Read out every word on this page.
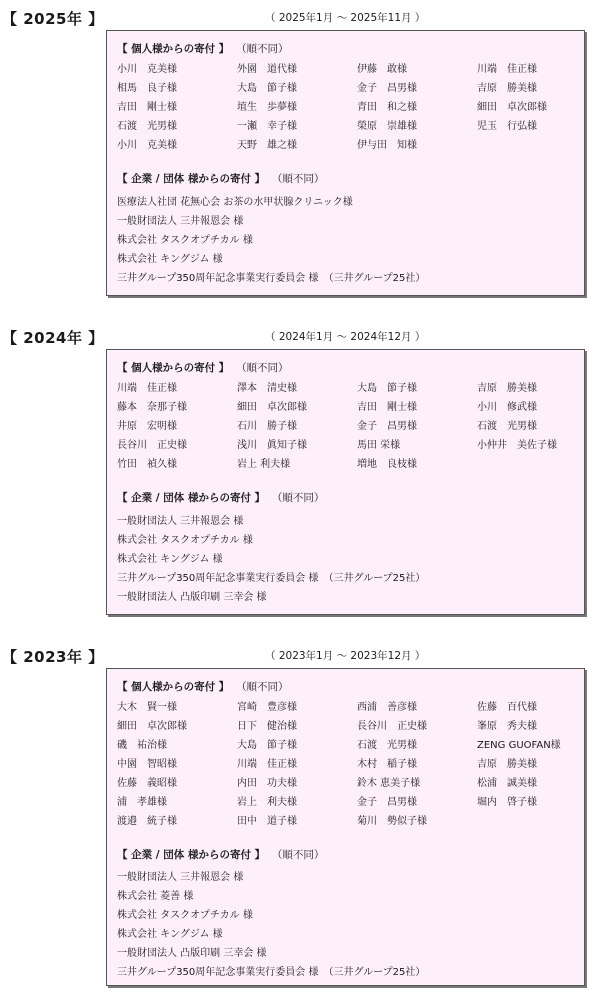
【 2025年 】	（ 2025年1月 ～ 2025年11月 ）
【 個人様からの寄付 】 （順不同）
小川　克美様	外園　道代様	伊藤　敢様	川端　佳正様
相馬　良子様	大島　節子様	金子　昌男様	吉原　勝美様
吉田　剛士様	埴生　歩夢様	青田　和之様	細田　卓次郎様
石渡　光男様	一瀬　幸子様	榮原　崇雄様	児玉　行弘様
小川　克美様	天野　雄之様	伊与田　知様
【 企業 / 団体 様からの寄付 】 （順不同）
医療法人社団 花無心会 お茶の水甲状腺クリニック様
一般財団法人 三井報恩会 様
株式会社 タスクオプチカル 様
株式会社 キングジム 様
三井グループ350周年記念事業実行委員会 様　（三井グループ25社）
【 2024年 】	（ 2024年1月 ～ 2024年12月 ）
【 個人様からの寄付 】 （順不同）
川端　佳正様	澤本　清史様	大島　節子様	吉原　勝美様
藤本　奈那子様	細田　卓次郎様	吉田　剛士様	小川　修武様
井原　宏明様	石川　勝子様	金子　昌男様	石渡　光男様
長谷川　正史様	浅川　眞知子様	馬田 栄様	小仲井　美佐子様
竹田　禎久様	岩上 利夫様	増地　良枝様
【 企業 / 団体 様からの寄付 】 （順不同）
一般財団法人 三井報恩会 様
株式会社 タスクオプチカル 様
株式会社 キングジム 様
三井グループ350周年記念事業実行委員会 様　（三井グループ25社）
一般財団法人 凸版印刷 三幸会 様
【 2023年 】	（ 2023年1月 ～ 2023年12月 ）
【 個人様からの寄付 】 （順不同）
大木　賢一様	宮崎　豊彦様	西浦　善彦様	佐藤　百代様
細田　卓次郎様	日下　健治様	長谷川　正史様	峯原　秀夫様
磯　祐治様	大島　節子様	石渡　光男様	ZENG GUOFAN様
中園　智昭様	川端　佳正様	木村　稲子様	吉原　勝美様
佐藤　義昭様	内田　功夫様	鈴木 恵美子様	松浦　誠美様
浦　孝雄様	岩上　利夫様	金子　昌男様	堀内　啓子様
渡邉　統子様	田中　道子様	菊川　勢似子様
【 企業 / 団体 様からの寄付 】 （順不同）
一般財団法人 三井報恩会 様
株式会社 菱善 様
株式会社 タスクオプチカル 様
株式会社 キングジム 様
一般財団法人 凸版印刷 三幸会 様
三井グループ350周年記念事業実行委員会 様　（三井グループ25社）
